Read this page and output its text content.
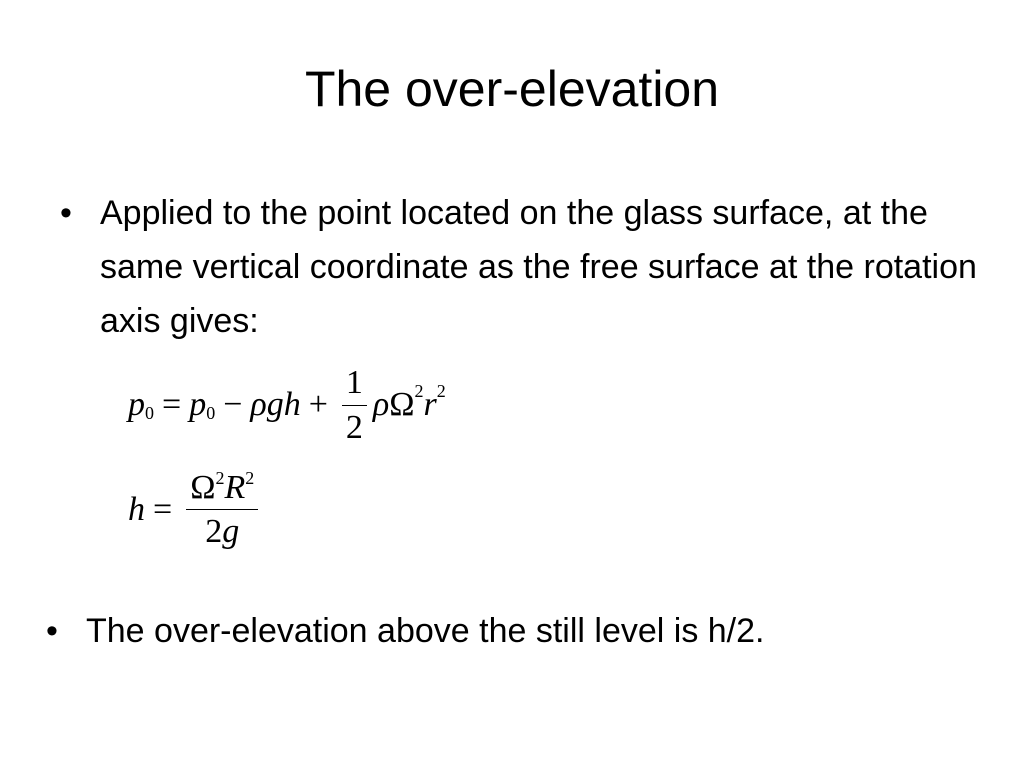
The over-elevation
• Applied to the point located on the glass surface, at the same vertical coordinate as the free surface at the rotation axis gives:
p 0 = p $0 - \rho gh + \frac{1}{2}$ ρ Ω 2 r 2
$h = \frac{\Omega^2R^2}{2g}$
• The over-elevation above the still level is h/2.
